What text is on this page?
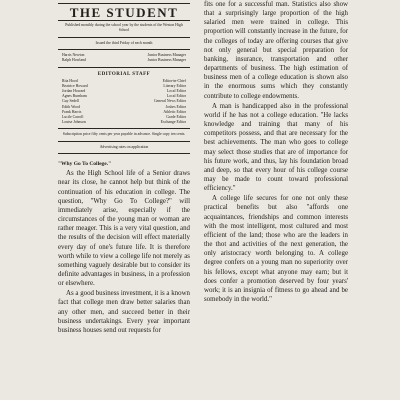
THE STUDENT

Published monthly during the school year by the students of the Weston High School

Issued the third Friday of each month

Harris Newton	Junior Business Manager
Ralph Howland	Junior Business Manager
EDITORIAL STAFF
Rita Hood	Editor-in-Chief
Beatrice Howard	Literary Editor
Jordan Howard	Local Editor
Agnes Burnham	Local Editor
Guy Sedell	General News Editor
Edith Wood	Joshes Editor
Frank Harris	Athletic Editor
Lucile Carroll	Grade Editor
Louise Johnson	Exchange Editor

Subscription price fifty cents per year payable in advance. Single copy ten cents.

Advertising rates on application

"Why Go To College."

As the High School life of a Senior draws near its close, he cannot help but think of the continuation of his education in college. The question, "Why Go To College?" will immediately arise, especially if the circumstances of the young man or woman are rather meager. This is a very vital question, and the results of the decision will effect materially every day of one's future life. It is therefore worth while to view a college life not merely as something vaguely desirable but to consider its definite advantages in business, in a profession or elsewhere.

As a good business investment, it is a known fact that college men draw better salaries than any other men, and succeed better in their business undertakings. Every year important business houses send out requests for

fits one for a successful man. Statistics also show that a surprisingly large proportion of the high salaried men were trained in college. This proportion will constantly increase in the future, for the colleges of today are offering courses that give not only general but special preparation for banking, insurance, transportation and other departments of business. The high estimation of business men of a college education is shown also in the enormous sums which they constantly contribute to college endowments.

A man is handicapped also in the professional world if he has not a college education. "He lacks knowledge and training that many of his competitors possess, and that are necessary for the best achievements. The man who goes to college may select those studies that are of importance for his future work, and thus, lay his foundation broad and deep, so that every hour of his college course may be made to count toward professional efficiency."

A college life secures for one not only these practical benefits but also "affords one acquaintances, friendships and common interests with the most intelligent, most cultured and most efficient of the land; those who are the leaders in the thot and activities of the next generation, the only aristocracy worth belonging to. A college degree confers on a young man no superiority over his fellows, except what anyone may earn; but it does confer a promotion deserved by four years' work; it is an insignia of fitness to go ahead and be somebody in the world."
